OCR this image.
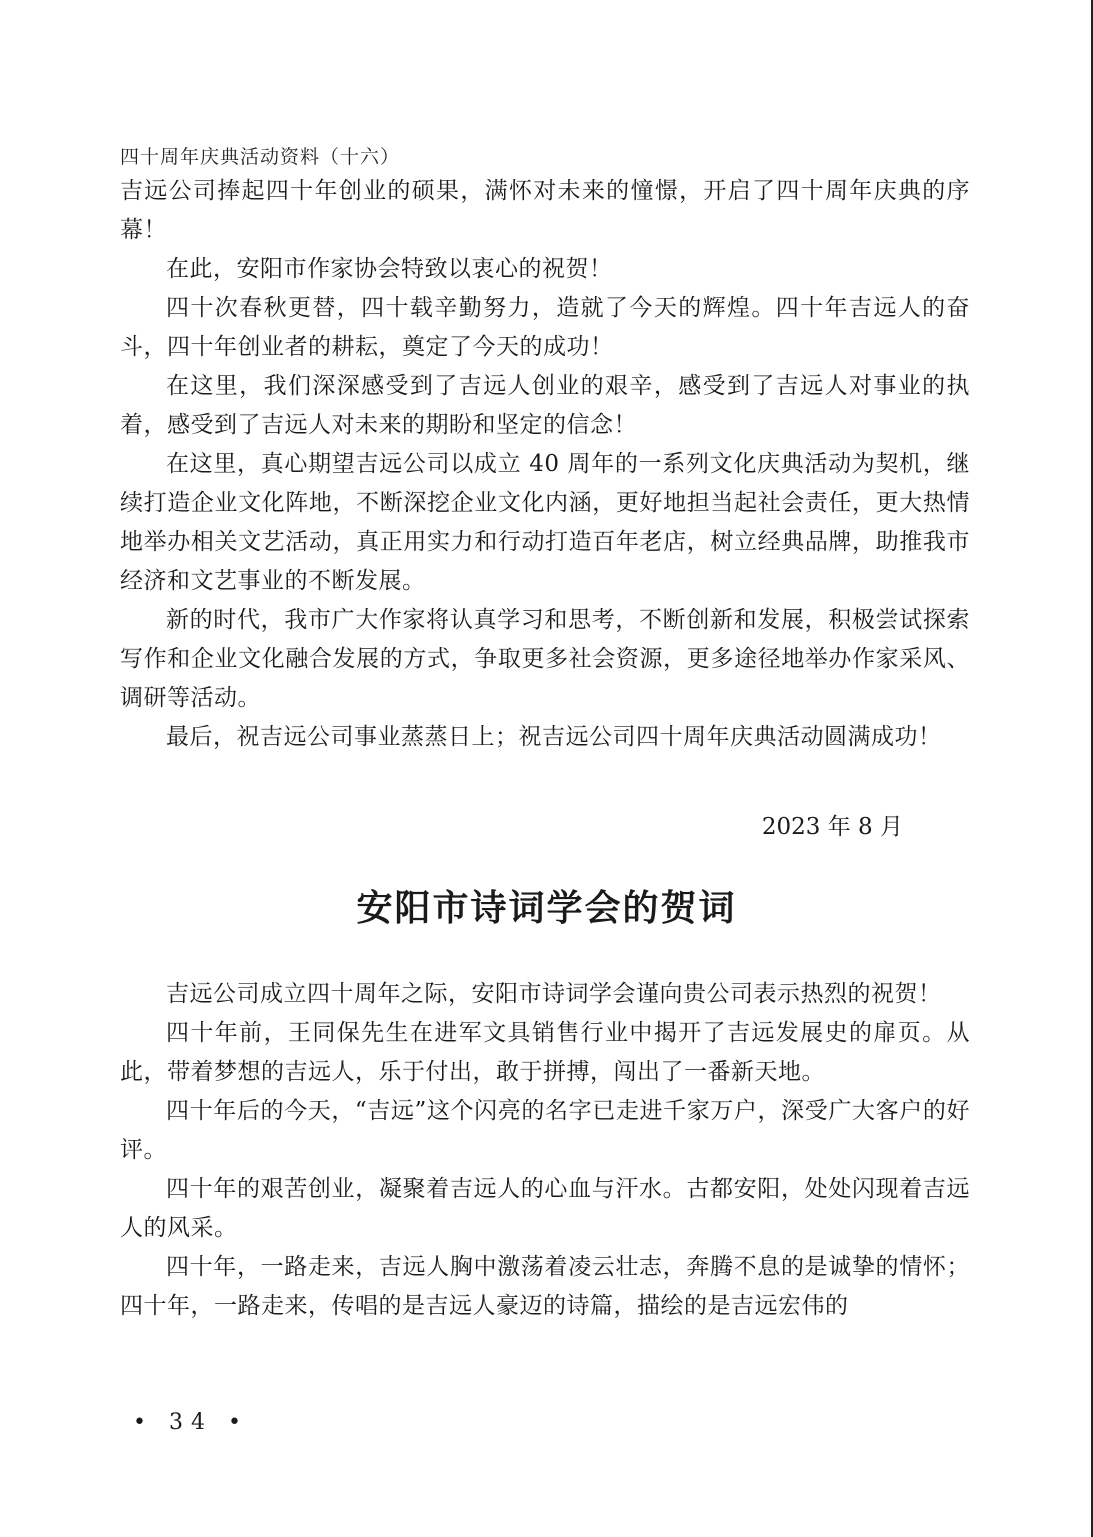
四十周年庆典活动资料（十六）

吉远公司捧起四十年创业的硕果，满怀对未来的憧憬，开启了四十周年庆典的序幕！

在此，安阳市作家协会特致以衷心的祝贺！

四十次春秋更替，四十载辛勤努力，造就了今天的辉煌。四十年吉远人的奋斗，四十年创业者的耕耘，奠定了今天的成功！

在这里，我们深深感受到了吉远人创业的艰辛，感受到了吉远人对事业的执着，感受到了吉远人对未来的期盼和坚定的信念！

在这里，真心期望吉远公司以成立 40 周年的一系列文化庆典活动为契机，继续打造企业文化阵地，不断深挖企业文化内涵，更好地担当起社会责任，更大热情地举办相关文艺活动，真正用实力和行动打造百年老店，树立经典品牌，助推我市经济和文艺事业的不断发展。

新的时代，我市广大作家将认真学习和思考，不断创新和发展，积极尝试探索写作和企业文化融合发展的方式，争取更多社会资源，更多途径地举办作家采风、调研等活动。

最后，祝吉远公司事业蒸蒸日上；祝吉远公司四十周年庆典活动圆满成功！

2023 年 8 月
安阳市诗词学会的贺词

吉远公司成立四十周年之际，安阳市诗词学会谨向贵公司表示热烈的祝贺！

四十年前，王同保先生在进军文具销售行业中揭开了吉远发展史的扉页。从此，带着梦想的吉远人，乐于付出，敢于拼搏，闯出了一番新天地。

四十年后的今天，“吉远”这个闪亮的名字已走进千家万户，深受广大客户的好评。

四十年的艰苦创业，凝聚着吉远人的心血与汗水。古都安阳，处处闪现着吉远人的风采。

四十年，一路走来，吉远人胸中激荡着凌云壮志，奔腾不息的是诚挚的情怀；四十年，一路走来，传唱的是吉远人豪迈的诗篇，描绘的是吉远宏伟的

• 34 •
